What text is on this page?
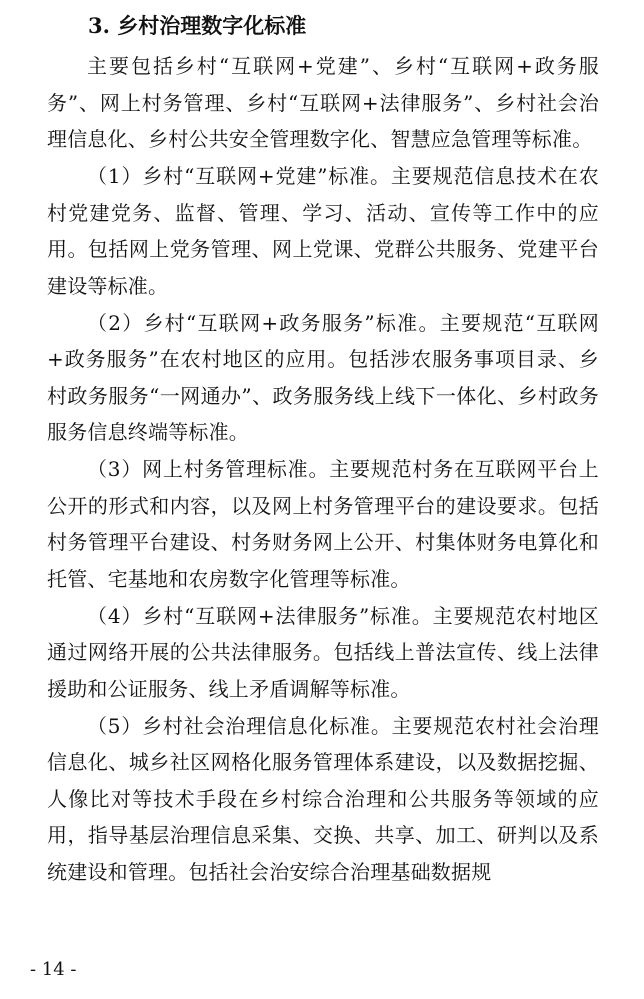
3. 乡村治理数字化标准

主要包括乡村“互联网+党建”、乡村“互联网+政务服务”、网上村务管理、乡村“互联网+法律服务”、乡村社会治理信息化、乡村公共安全管理数字化、智慧应急管理等标准。

（1）乡村“互联网+党建”标准。主要规范信息技术在农村党建党务、监督、管理、学习、活动、宣传等工作中的应用。包括网上党务管理、网上党课、党群公共服务、党建平台建设等标准。

（2）乡村“互联网+政务服务”标准。主要规范“互联网+政务服务”在农村地区的应用。包括涉农服务事项目录、乡村政务服务“一网通办”、政务服务线上线下一体化、乡村政务服务信息终端等标准。

（3）网上村务管理标准。主要规范村务在互联网平台上公开的形式和内容，以及网上村务管理平台的建设要求。包括村务管理平台建设、村务财务网上公开、村集体财务电算化和托管、宅基地和农房数字化管理等标准。

（4）乡村“互联网+法律服务”标准。主要规范农村地区通过网络开展的公共法律服务。包括线上普法宣传、线上法律援助和公证服务、线上矛盾调解等标准。

（5）乡村社会治理信息化标准。主要规范农村社会治理信息化、城乡社区网格化服务管理体系建设，以及数据挖掘、人像比对等技术手段在乡村综合治理和公共服务等领域的应用，指导基层治理信息采集、交换、共享、加工、研判以及系统建设和管理。包括社会治安综合治理基础数据规

- 14 -
